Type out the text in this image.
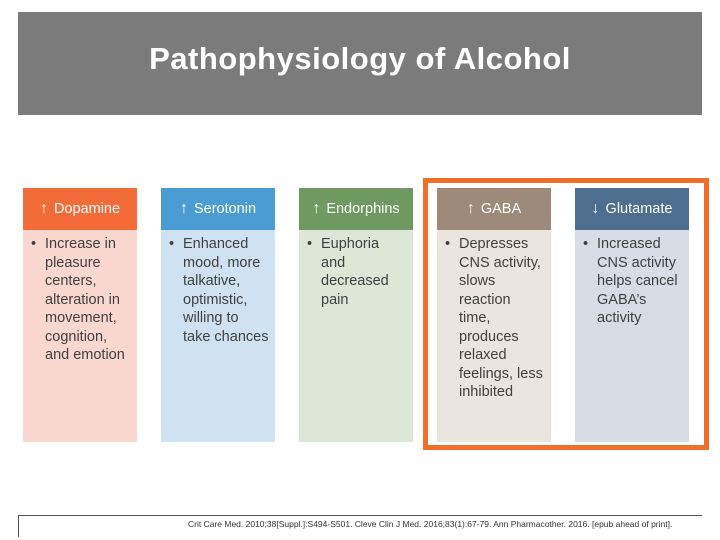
Pathophysiology of Alcohol
↑ Dopamine
• Increase in pleasure centers, alteration in movement, cognition, and emotion
↑ Serotonin
• Enhanced mood, more talkative, optimistic, willing to take chances
↑ Endorphins
• Euphoria and decreased pain
↑ GABA
• Depresses CNS activity, slows reaction time, produces relaxed feelings, less inhibited
↓ Glutamate
• Increased CNS activity helps cancel GABA’s activity
Crit Care Med. 2010;38[Suppl.]:S494-S501. Cleve Clin J Med. 2016;83(1):67-79. Ann Pharmacother. 2016. [epub ahead of print].
